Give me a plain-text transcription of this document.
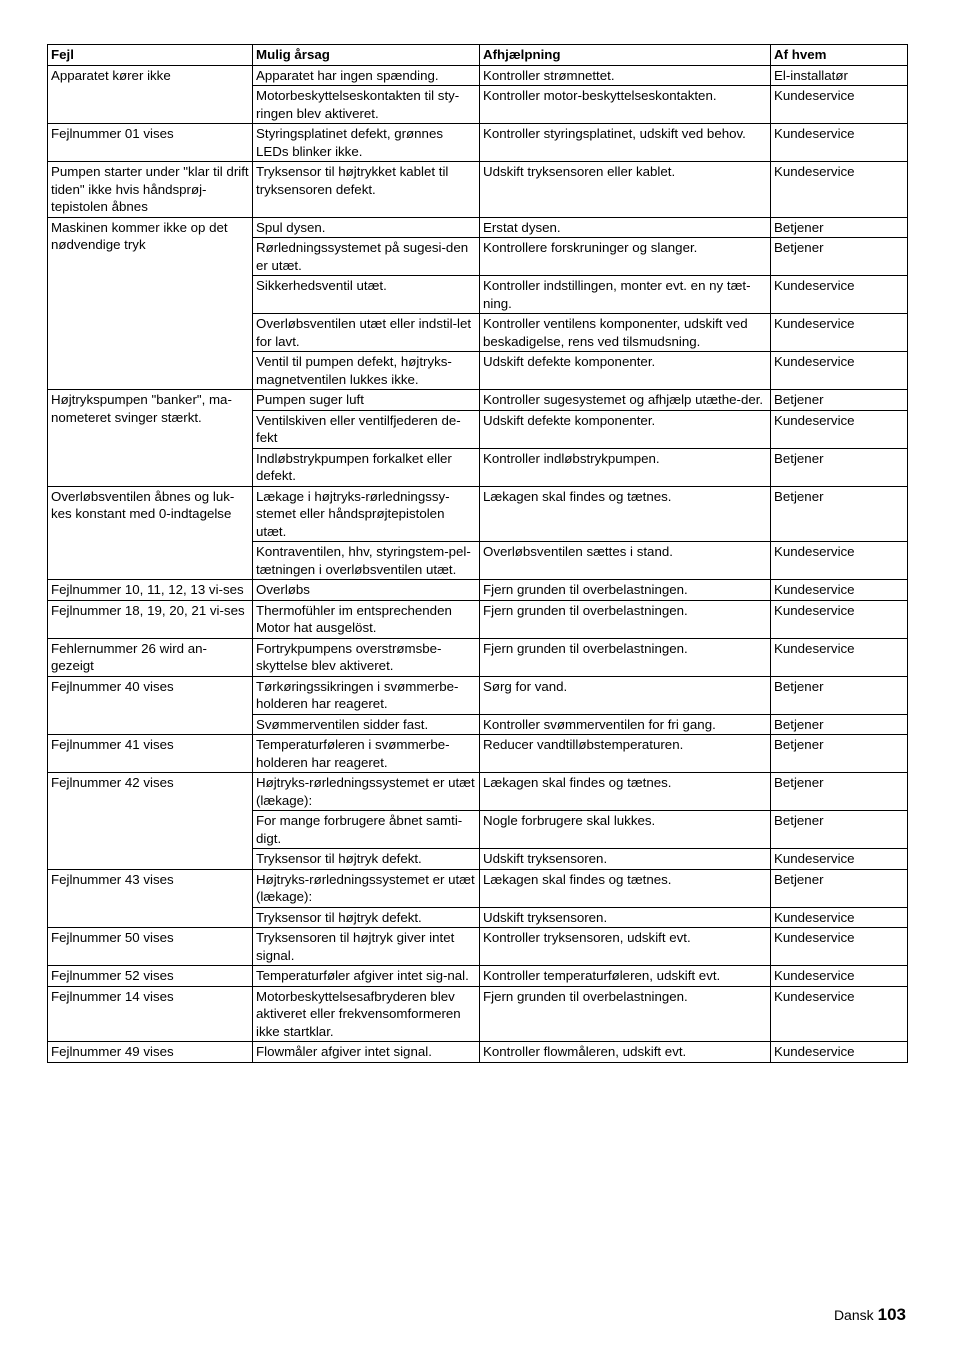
Fejl	Mulig årsag	Afhjælpning	Af hvem
Apparatet kører ikke	Apparatet har ingen spænding.	Kontroller strømnettet.	El-installatør
	Motorbeskyttelseskontakten til sty-ringen blev aktiveret.	Kontroller motor-beskyttelseskontakten.	Kundeservice
Fejlnummer 01 vises	Styringsplatinet defekt, grønnes LEDs blinker ikke.	Kontroller styringsplatinet, udskift ved behov.	Kundeservice
Pumpen starter under "klar til drift tiden" ikke hvis håndsprøj-tepistolen åbnes	Tryksensor til højtrykket kablet til tryksensoren defekt.	Udskift tryksensoren eller kablet.	Kundeservice
Maskinen kommer ikke op det nødvendige tryk	Spul dysen.	Erstat dysen.	Betjener
	Rørledningssystemet på sugesi-den er utæt.	Kontrollere forskruninger og slanger.	Betjener
	Sikkerhedsventil utæt.	Kontroller indstillingen, monter evt. en ny tæt-ning.	Kundeservice
	Overløbsventilen utæt eller indstil-let for lavt.	Kontroller ventilens komponenter, udskift ved beskadigelse, rens ved tilsmudsning.	Kundeservice
	Ventil til pumpen defekt, højtryks-magnetventilen lukkes ikke.	Udskift defekte komponenter.	Kundeservice
Højtrykspumpen "banker", ma-nometeret svinger stærkt.	Pumpen suger luft	Kontroller sugesystemet og afhjælp utæthe-der.	Betjener
	Ventilskiven eller ventilfjederen de-fekt	Udskift defekte komponenter.	Kundeservice
	Indløbstrykpumpen forkalket eller defekt.	Kontroller indløbstrykpumpen.	Betjener
Overløbsventilen åbnes og luk-kes konstant med 0-indtagelse	Lækage i højtryks-rørledningssy-stemet eller håndsprøjtepistolen utæt.	Lækagen skal findes og tætnes.	Betjener
	Kontraventilen, hhv, styringstem-pel-tætningen i overløbsventilen utæt.	Overløbsventilen sættes i stand.	Kundeservice
Fejlnummer 10, 11, 12, 13 vi-ses	Overløbs	Fjern grunden til overbelastningen.	Kundeservice
Fejlnummer 18, 19, 20, 21 vi-ses	Thermofühler im entsprechenden Motor hat ausgelöst.	Fjern grunden til overbelastningen.	Kundeservice
Fehlernummer 26 wird an-gezeigt	Fortrykpumpens overstrømsbe-skyttelse blev aktiveret.	Fjern grunden til overbelastningen.	Kundeservice
Fejlnummer 40 vises	Tørkøringssikringen i svømmerbe-holderen har reageret.	Sørg for vand.	Betjener
	Svømmerventilen sidder fast.	Kontroller svømmerventilen for fri gang.	Betjener
Fejlnummer 41 vises	Temperaturføleren i svømmerbe-holderen har reageret.	Reducer vandtilløbstemperaturen.	Betjener
Fejlnummer 42 vises	Højtryks-rørledningssystemet er utæt (lækage):	Lækagen skal findes og tætnes.	Betjener
	For mange forbrugere åbnet samti-digt.	Nogle forbrugere skal lukkes.	Betjener
	Tryksensor til højtryk defekt.	Udskift tryksensoren.	Kundeservice
Fejlnummer 43 vises	Højtryks-rørledningssystemet er utæt (lækage):	Lækagen skal findes og tætnes.	Betjener
	Tryksensor til højtryk defekt.	Udskift tryksensoren.	Kundeservice
Fejlnummer 50 vises	Tryksensoren til højtryk giver intet signal.	Kontroller tryksensoren, udskift evt.	Kundeservice
Fejlnummer 52 vises	Temperaturføler afgiver intet sig-nal.	Kontroller temperaturføleren, udskift evt.	Kundeservice
Fejlnummer 14 vises	Motorbeskyttelsesafbryderen blev aktiveret eller frekvensomformeren ikke startklar.	Fjern grunden til overbelastningen.	Kundeservice
Fejlnummer 49 vises	Flowmåler afgiver intet signal.	Kontroller flowmåleren, udskift evt.	Kundeservice
Dansk 103
